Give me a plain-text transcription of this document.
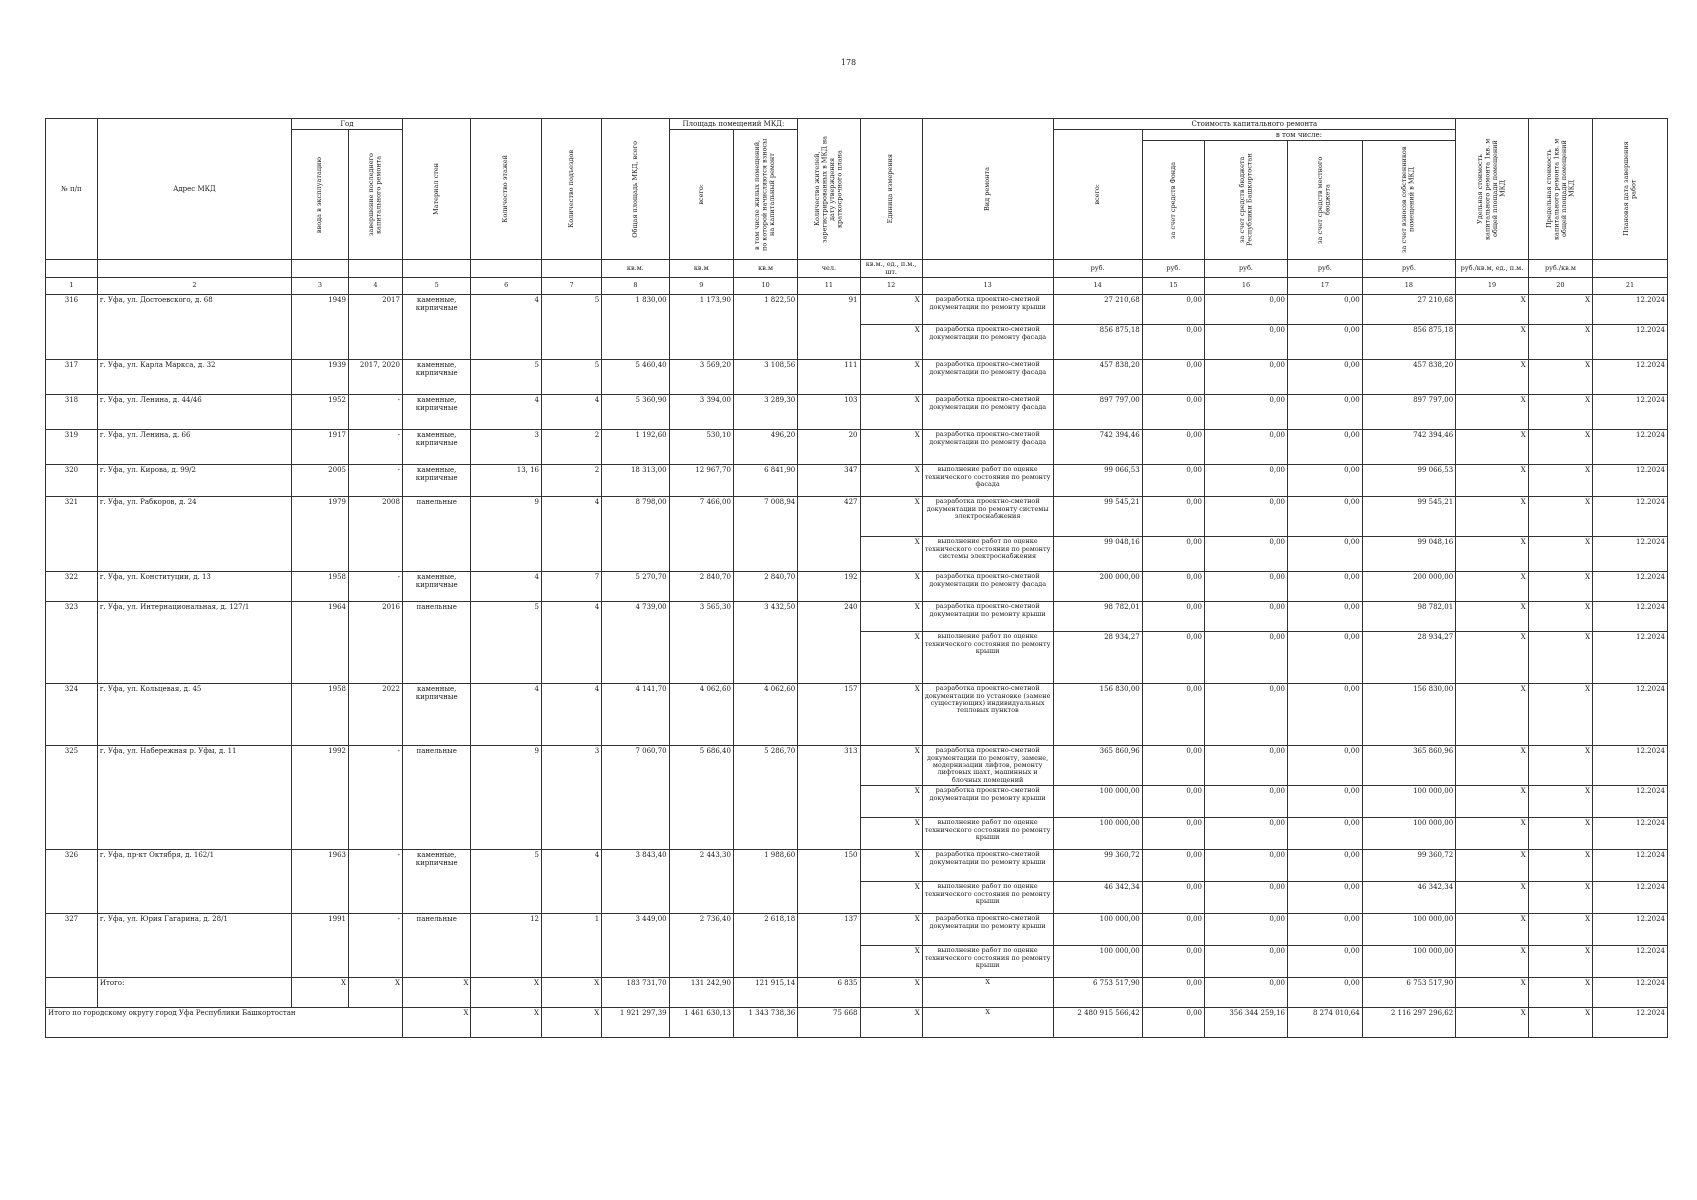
178
№ п/п	Адрес МКД	Год		Материал стен	Количество этажей	Количество подъездов	Общая площадь МКД, всего	Площадь помещений МКД:		Количество жителей, зарегистрированных в МКД на дату утверждения краткосрочного плана	Единица измерения	Вид ремонта	Стоимость капитального ремонта					Удельная стоимость капитального ремонта 1кв. м общей площади помещений МКД	Предельная стоимость капитального ремонта 1кв. м общей площади помещений МКД	Плановая дата завершения работ

		ввода в эксплуатацию	завершение последнего капитального ремонта					всего:	в том числе жилых помещений, по которой начисляются взносы на капитальный ремонт				всего:	в том числе:						

														за счет средств Фонда	за счет средств бюджета Республики Башкортостан	за счет средств местного бюджета	за счет взносов собственников помещений в МКД			

							кв.м.	кв.м	кв.м	чел.	кв.м., ед., п.м., шт.		руб.	руб.	руб.	руб.	руб.	руб./кв.м, ед., п.м.	руб./кв.м	
1	2	3	4	5	6	7	8	9	10	11	12	13	14	15	16	17	18	19	20	21
316	г. Уфа, ул. Достоевского, д. 68	1949	2017	каменные, кирпичные	4	5	1 830,00	1 173,90	1 822,50	91	X	разработка проектно-сметной документации по ремонту крыши	27 210,68	0,00	0,00	0,00	27 210,68	X	X	12.2024
											X	разработка проектно-сметной документации по ремонту фасада	856 875,18	0,00	0,00	0,00	856 875,18	X	X	12.2024
317	г. Уфа, ул. Карла Маркса, д. 32	1939	2017, 2020	каменные, кирпичные	5	5	5 460,40	3 569,20	3 108,56	111	X	разработка проектно-сметной документации по ремонту фасада	457 838,20	0,00	0,00	0,00	457 838,20	X	X	12.2024
318	г. Уфа, ул. Ленина, д. 44/46	1952	-	каменные, кирпичные	4	4	5 360,90	3 394,00	3 289,30	103	X	разработка проектно-сметной документации по ремонту фасада	897 797,00	0,00	0,00	0,00	897 797,00	X	X	12.2024
319	г. Уфа, ул. Ленина, д. 66	1917	-	каменные, кирпичные	3	2	1 192,60	530,10	496,20	20	X	разработка проектно-сметной документации по ремонту фасада	742 394,46	0,00	0,00	0,00	742 394,46	X	X	12.2024
320	г. Уфа, ул. Кирова, д. 99/2	2005	-	каменные, кирпичные	13, 16	2	18 313,00	12 967,70	6 841,90	347	X	выполнение работ по оценке технического состояния по ремонту фасада	99 066,53	0,00	0,00	0,00	99 066,53	X	X	12.2024
321	г. Уфа, ул. Рабкоров, д. 24	1979	2008	панельные	9	4	8 798,00	7 466,00	7 008,94	427	X	разработка проектно-сметной документации по ремонту системы электроснабжения	99 545,21	0,00	0,00	0,00	99 545,21	X	X	12.2024
											X	выполнение работ по оценке технического состояния по ремонту системы электроснабжения	99 048,16	0,00	0,00	0,00	99 048,16	X	X	12.2024
322	г. Уфа, ул. Конституции, д. 13	1958	-	каменные, кирпичные	4	7	5 270,70	2 840,70	2 840,70	192	X	разработка проектно-сметной документации по ремонту фасада	200 000,00	0,00	0,00	0,00	200 000,00	X	X	12.2024
323	г. Уфа, ул. Интернациональная, д. 127/1	1964	2016	панельные	5	4	4 739,00	3 565,30	3 432,50	240	X	разработка проектно-сметной документации по ремонту крыши	98 782,01	0,00	0,00	0,00	98 782,01	X	X	12.2024
											X	выполнение работ по оценке технического состояния по ремонту крыши	28 934,27	0,00	0,00	0,00	28 934,27	X	X	12.2024
324	г. Уфа, ул. Кольцевая, д. 45	1958	2022	каменные, кирпичные	4	4	4 141,70	4 062,60	4 062,60	157	X	разработка проектно-сметной документации по установке (замене существующих) индивидуальных тепловых пунктов	156 830,00	0,00	0,00	0,00	156 830,00	X	X	12.2024
325	г. Уфа, ул. Набережная р. Уфы, д. 11	1992	-	панельные	9	3	7 060,70	5 686,40	5 286,70	313	X	разработка проектно-сметной документации по ремонту, замене, модернизации лифтов, ремонту лифтовых шахт, машинных и блочных помещений	365 860,96	0,00	0,00	0,00	365 860,96	X	X	12.2024
											X	разработка проектно-сметной документации по ремонту крыши	100 000,00	0,00	0,00	0,00	100 000,00	X	X	12.2024
											X	выполнение работ по оценке технического состояния по ремонту крыши	100 000,00	0,00	0,00	0,00	100 000,00	X	X	12.2024
326	г. Уфа, пр-кт Октября, д. 162/1	1963	-	каменные, кирпичные	5	4	3 843,40	2 443,30	1 988,60	150	X	разработка проектно-сметной документации по ремонту крыши	99 360,72	0,00	0,00	0,00	99 360,72	X	X	12.2024
											X	выполнение работ по оценке технического состояния по ремонту крыши	46 342,34	0,00	0,00	0,00	46 342,34	X	X	12.2024
327	г. Уфа, ул. Юрия Гагарина, д. 28/1	1991	-	панельные	12	1	3 449,00	2 736,40	2 618,18	137	X	разработка проектно-сметной документации по ремонту крыши	100 000,00	0,00	0,00	0,00	100 000,00	X	X	12.2024
											X	выполнение работ по оценке технического состояния по ремонту крыши	100 000,00	0,00	0,00	0,00	100 000,00	X	X	12.2024
	Итого:	X	X	X	X	X	183 731,70	131 242,90	121 915,14	6 835	X	X	6 753 517,90	0,00	0,00	0,00	6 753 517,90	X	X	12.2024
Итого по городскому округу город Уфа Республики Башкортостан				X	X	X	1 921 297,39	1 461 630,13	1 343 738,36	75 668	X	X	2 480 915 566,42	0,00	356 344 259,16	8 274 010,64	2 116 297 296,62	X	X	12.2024
